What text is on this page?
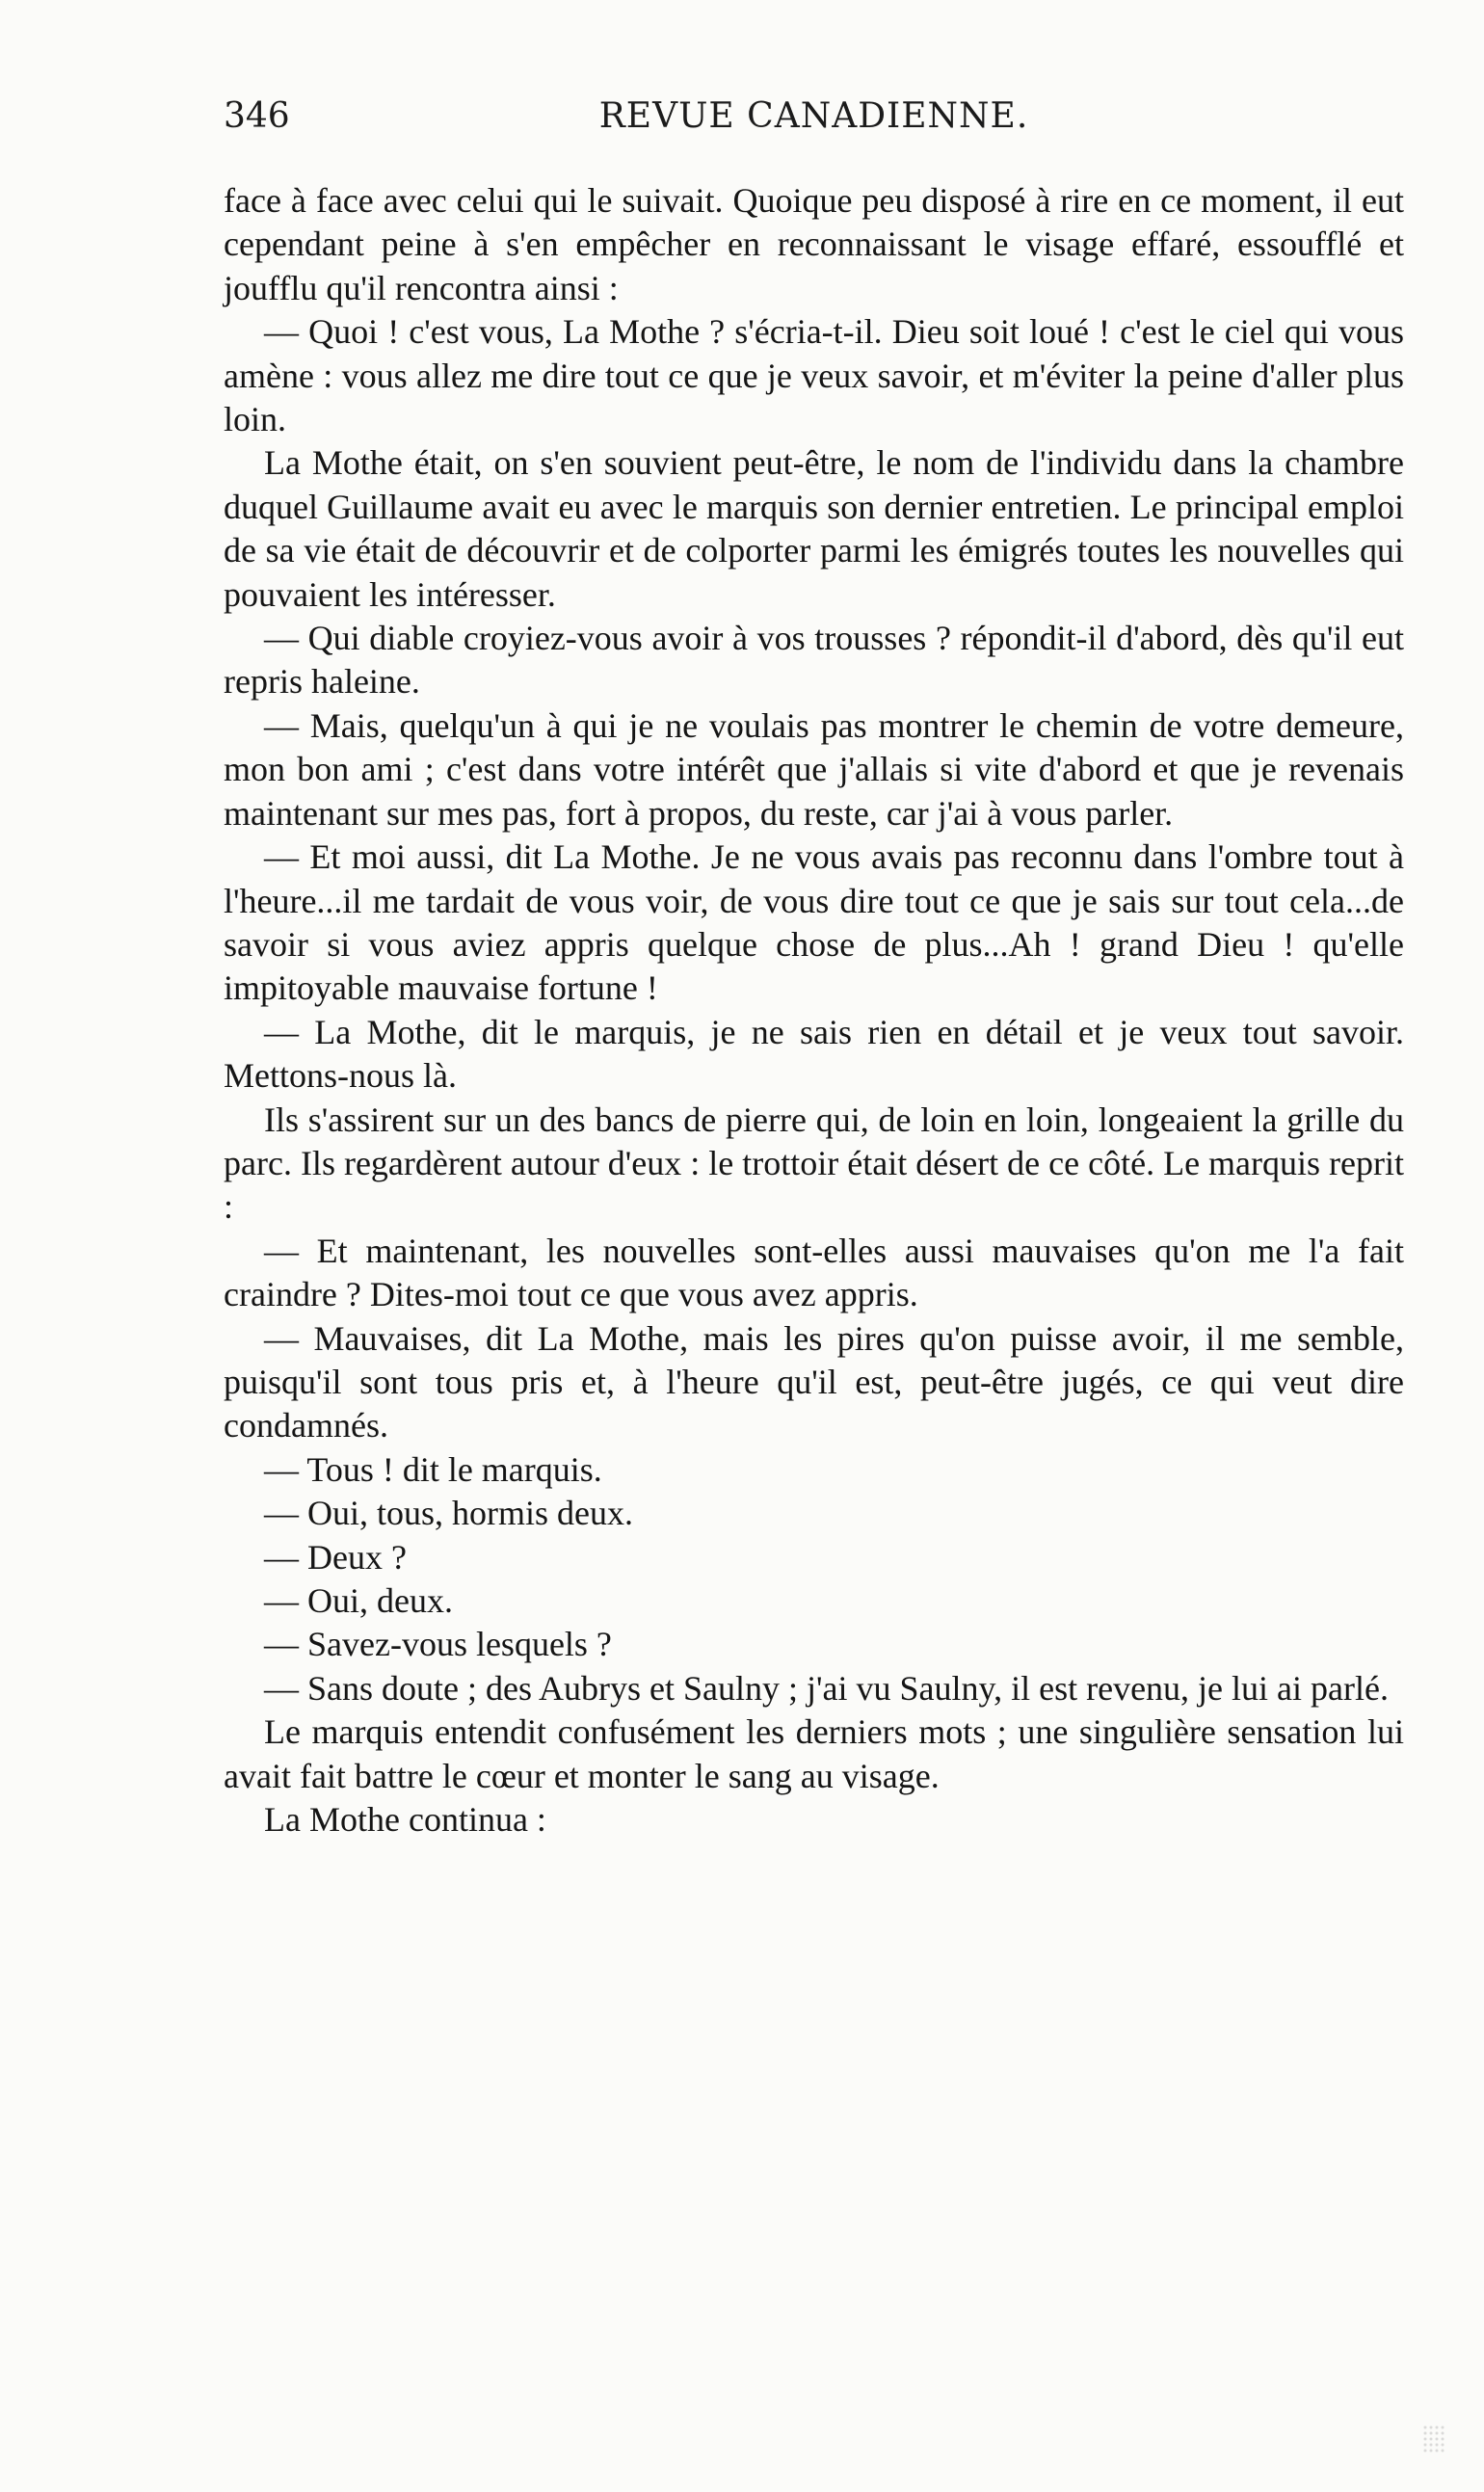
346	REVUE CANADIENNE.

face à face avec celui qui le suivait. Quoique peu disposé à rire en ce moment, il eut cependant peine à s'en empêcher en reconnaissant le visage effaré, essoufflé et joufflu qu'il rencontra ainsi :

— Quoi ! c'est vous, La Mothe ? s'écria-t-il. Dieu soit loué ! c'est le ciel qui vous amène : vous allez me dire tout ce que je veux savoir, et m'éviter la peine d'aller plus loin.

La Mothe était, on s'en souvient peut-être, le nom de l'individu dans la chambre duquel Guillaume avait eu avec le marquis son dernier entretien. Le principal emploi de sa vie était de découvrir et de colporter parmi les émigrés toutes les nouvelles qui pouvaient les intéresser.

— Qui diable croyiez-vous avoir à vos trousses ? répondit-il d'abord, dès qu'il eut repris haleine.

— Mais, quelqu'un à qui je ne voulais pas montrer le chemin de votre demeure, mon bon ami ; c'est dans votre intérêt que j'allais si vite d'abord et que je revenais maintenant sur mes pas, fort à propos, du reste, car j'ai à vous parler.

— Et moi aussi, dit La Mothe. Je ne vous avais pas reconnu dans l'ombre tout à l'heure...il me tardait de vous voir, de vous dire tout ce que je sais sur tout cela...de savoir si vous aviez appris quelque chose de plus...Ah ! grand Dieu ! qu'elle impitoyable mauvaise fortune !

— La Mothe, dit le marquis, je ne sais rien en détail et je veux tout savoir. Mettons-nous là.

Ils s'assirent sur un des bancs de pierre qui, de loin en loin, longeaient la grille du parc. Ils regardèrent autour d'eux : le trottoir était désert de ce côté. Le marquis reprit :

— Et maintenant, les nouvelles sont-elles aussi mauvaises qu'on me l'a fait craindre ? Dites-moi tout ce que vous avez appris.

— Mauvaises, dit La Mothe, mais les pires qu'on puisse avoir, il me semble, puisqu'il sont tous pris et, à l'heure qu'il est, peut-être jugés, ce qui veut dire condamnés.

— Tous ! dit le marquis.

— Oui, tous, hormis deux.

— Deux ?

— Oui, deux.

— Savez-vous lesquels ?

— Sans doute ; des Aubrys et Saulny ; j'ai vu Saulny, il est revenu, je lui ai parlé.

Le marquis entendit confusément les derniers mots ; une singulière sensation lui avait fait battre le cœur et monter le sang au visage.

La Mothe continua :
